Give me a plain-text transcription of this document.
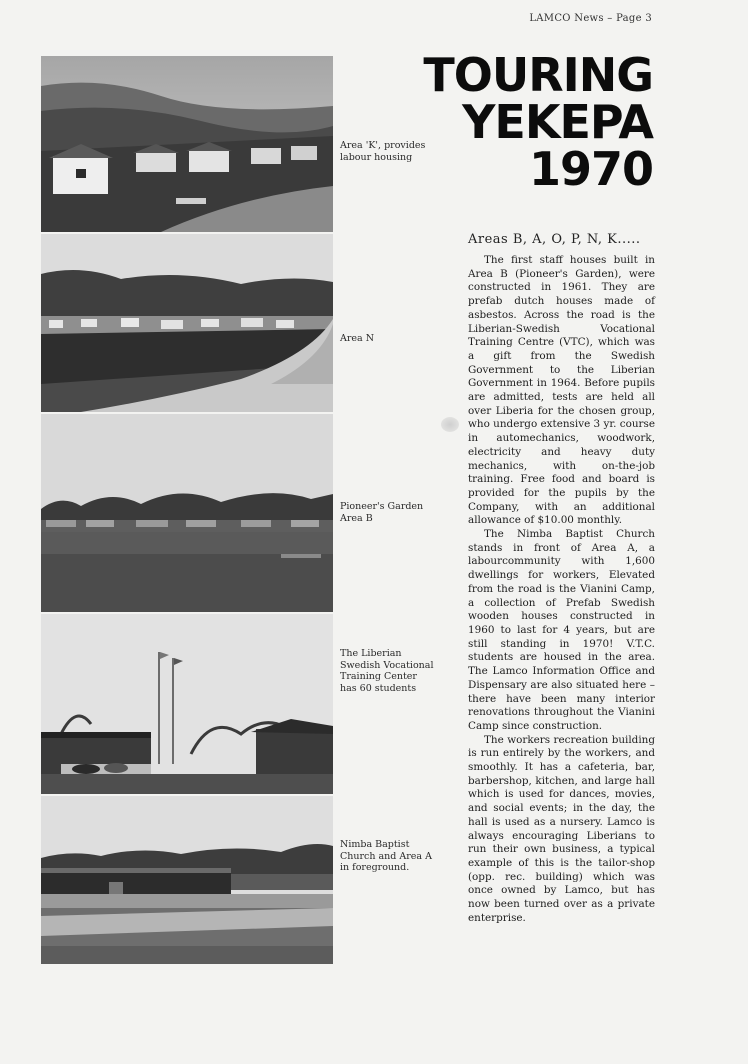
LAMCO News – Page 3
Area 'K', provides labour housing
Area N
Pioneer's Garden Area B
The Liberian Swedish Vocational Training Center has 60 students
Nimba Baptist Church and Area A in foreground.
TOURING
YEKEPA
1970
Areas B, A, O, P, N, K.....

The first staff houses built in Area B (Pioneer's Garden), were constructed in 1961. They are prefab dutch houses made of asbestos. Across the road is the Liberian-Swedish Vocational Training Centre (VTC), which was a gift from the Swedish Government to the Liberian Government in 1964. Before pupils are admitted, tests are held all over Liberia for the chosen group, who undergo extensive 3 yr. course in automechanics, woodwork, electricity and heavy duty mechanics, with on-the-job training. Free food and board is provided for the pupils by the Company, with an additional allowance of $10.00 monthly.

The Nimba Baptist Church stands in front of Area A, a labourcommunity with 1,600 dwellings for workers, Elevated from the road is the Vianini Camp, a collection of Prefab Swedish wooden houses constructed in 1960 to last for 4 years, but are still standing in 1970! V.T.C. students are housed in the area. The Lamco Information Office and Dispensary are also situated here – there have been many interior renovations throughout the Vianini Camp since construction.

The workers recreation building is run entirely by the workers, and smoothly. It has a cafeteria, bar, barbershop, kitchen, and large hall which is used for dances, movies, and social events; in the day, the hall is used as a nursery. Lamco is always encouraging Liberians to run their own business, a typical example of this is the tailor-shop (opp. rec. building) which was once owned by Lamco, but has now been turned over as a private enterprise.
